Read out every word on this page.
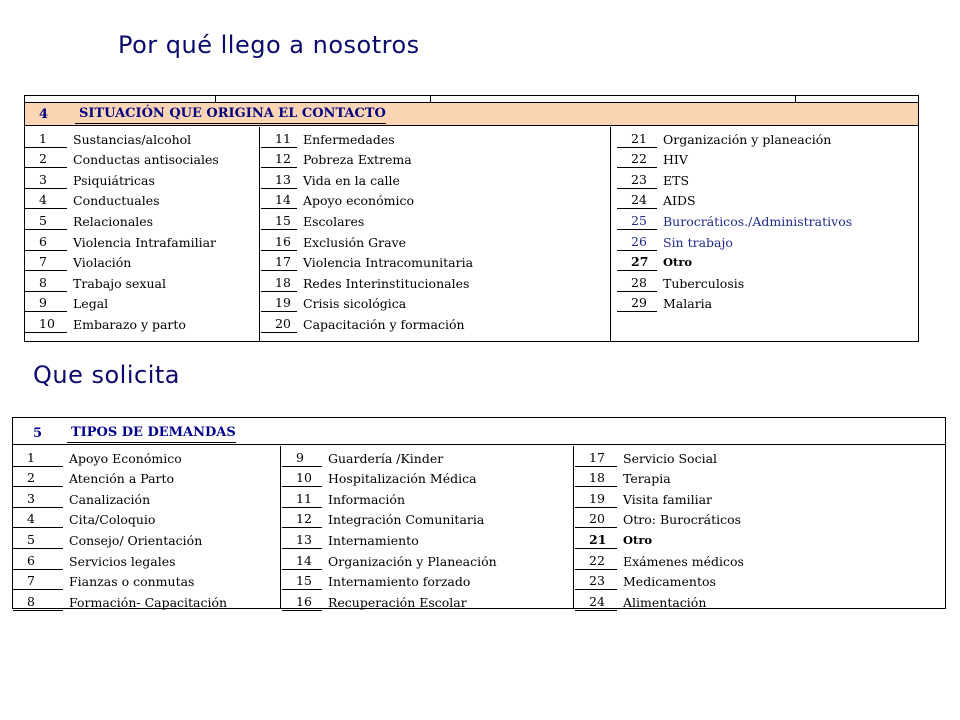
Por qué llego a nosotros
4	SITUACIÓN QUE ORIGINA EL CONTACTO
1	Sustancias/alcohol
2	Conductas antisociales
3	Psiquiátricas
4	Conductuales
5	Relacionales
6	Violencia Intrafamiliar
7	Violación
8	Trabajo sexual
9	Legal
10	Embarazo y parto
11 Enfermedades
12 Pobreza Extrema
13 Vida en la calle
14 Apoyo económico
15 Escolares
16 Exclusión Grave
17 Violencia Intracomunitaria
18 Redes Interinstitucionales
19 Crisis sicológica
20 Capacitación y formación
21	Organización y planeación
22	HIV
23	ETS
24	AIDS
25	Burocráticos./Administrativos
26	Sin trabajo
27	Otro
28	Tuberculosis
29	Malaria
Que solicita
5	TIPOS DE DEMANDAS
1	Apoyo Económico
2	Atención a Parto
3	Canalización
4	Cita/Coloquio
5	Consejo/ Orientación
6	Servicios legales
7	Fianzas o conmutas
8	Formación- Capacitación
9	Guardería /Kinder
10	Hospitalización Médica
11	Información
12	Integración Comunitaria
13	Internamiento
14	Organización y Planeación
15	Internamiento forzado
16	Recuperación Escolar
17	Servicio Social
18	Terapia
19	Visita familiar
20	Otro: Burocráticos
21	Otro
22	Exámenes médicos
23	Medicamentos
24	Alimentación
